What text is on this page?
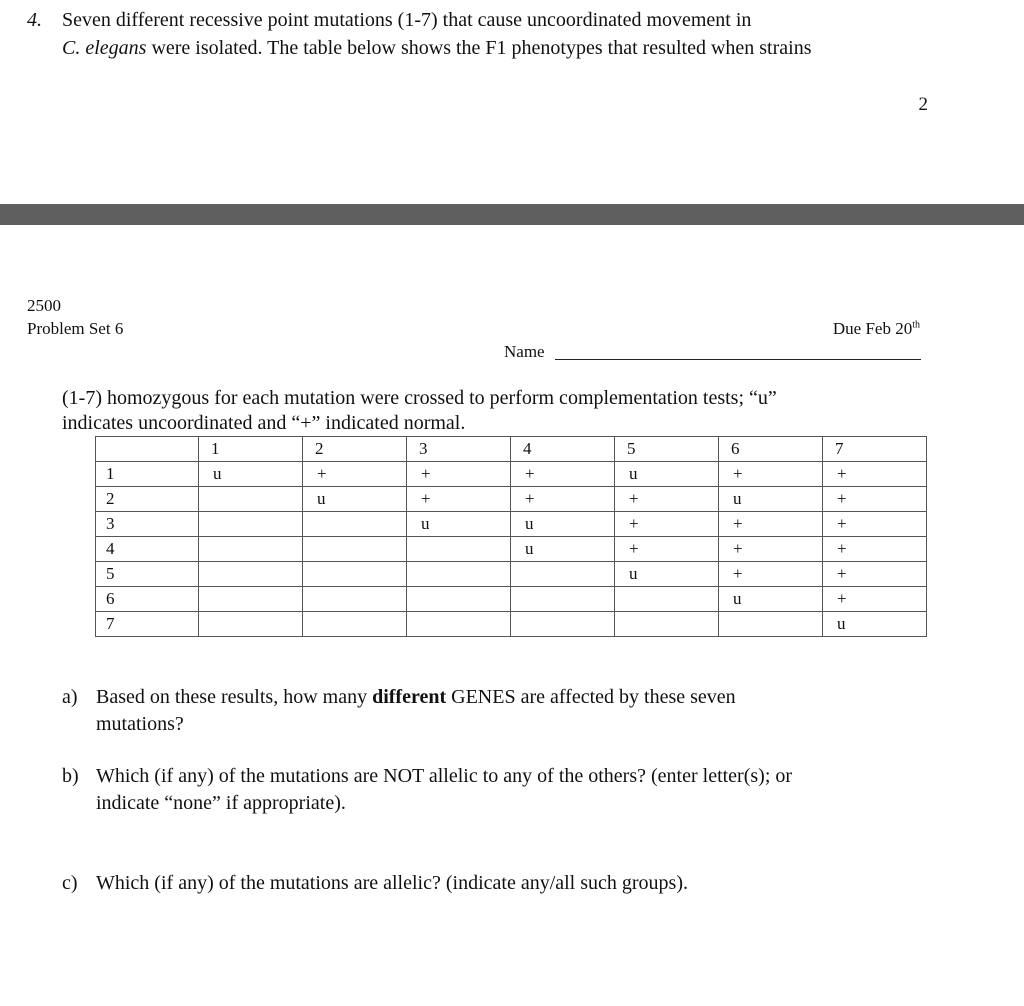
4. Seven different recessive point mutations (1-7) that cause uncoordinated movement in
C. elegans were isolated. The table below shows the F1 phenotypes that resulted when strains
2
2500
Problem Set 6	Due Feb 20th
Name
(1-7) homozygous for each mutation were crossed to perform complementation tests; “u”
indicates uncoordinated and “+” indicated normal.
	1	2	3	4	5	6	7
1	u	+	+	+	u	+	+
2		u	+	+	+	u	+
3			u	u	+	+	+
4				u	+	+	+
5					u	+	+
6						u	+
7							u
a) Based on these results, how many different GENES are affected by these seven
mutations?
b) Which (if any) of the mutations are NOT allelic to any of the others? (enter letter(s); or
indicate “none” if appropriate).
c) Which (if any) of the mutations are allelic? (indicate any/all such groups).
